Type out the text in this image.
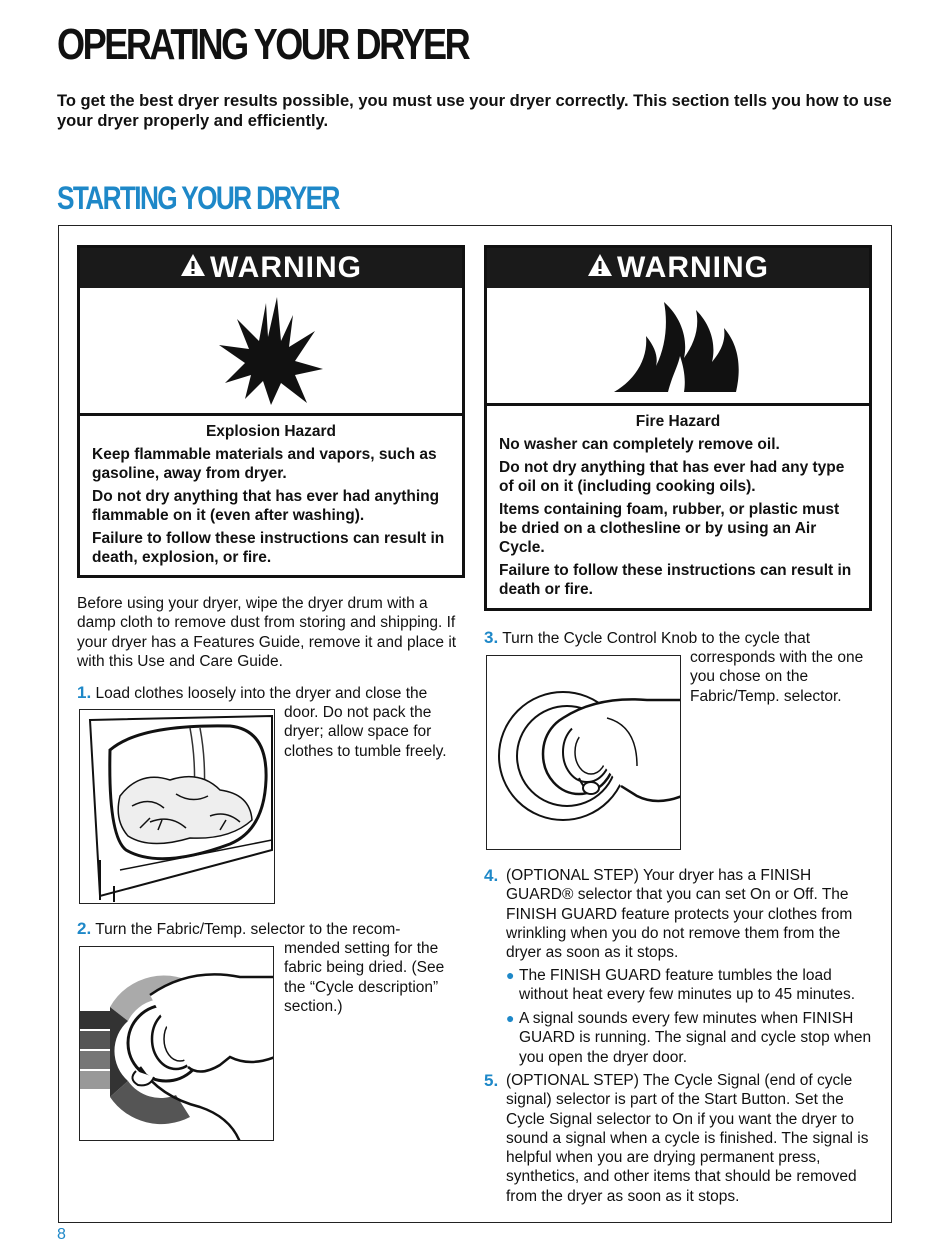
OPERATING YOUR DRYER
To get the best dryer results possible, you must use your dryer correctly. This section tells you how to use your dryer properly and efficiently.
STARTING YOUR DRYER
WARNING
Explosion Hazard

Keep flammable materials and vapors, such as gasoline, away from dryer.

Do not dry anything that has ever had anything flammable on it (even after washing).

Failure to follow these instructions can result in death, explosion, or fire.

WARNING
Fire Hazard

No washer can completely remove oil.

Do not dry anything that has ever had any type of oil on it (including cooking oils).

Items containing foam, rubber, or plastic must be dried on a clothesline or by using an Air Cycle.

Failure to follow these instructions can result in death or fire.

Before using your dryer, wipe the dryer drum with a damp cloth to remove dust from storing and shipping. If your dryer has a Features Guide, remove it and place it with this Use and Care Guide.
1. Load clothes loosely into the dryer and close the
door. Do not pack the dryer; allow space for clothes to tumble freely.
2. Turn the Fabric/Temp. selector to the recom-
mended setting for the fabric being dried. (See the “Cycle description” section.)
3. Turn the Cycle Control Knob to the cycle that
corresponds with the one you chose on the Fabric/Temp. selector.
4. (OPTIONAL STEP) Your dryer has a FINISH GUARD® selector that you can set On or Off. The FINISH GUARD feature protects your clothes from wrinkling when you do not remove them from the dryer as soon as it stops.
● The FINISH GUARD feature tumbles the load without heat every few minutes up to 45 minutes.
● A signal sounds every few minutes when FINISH GUARD is running. The signal and cycle stop when you open the dryer door.
5. (OPTIONAL STEP) The Cycle Signal (end of cycle signal) selector is part of the Start Button. Set the Cycle Signal selector to On if you want the dryer to sound a signal when a cycle is finished. The signal is helpful when you are drying permanent press, synthetics, and other items that should be removed from the dryer as soon as it stops.
8
